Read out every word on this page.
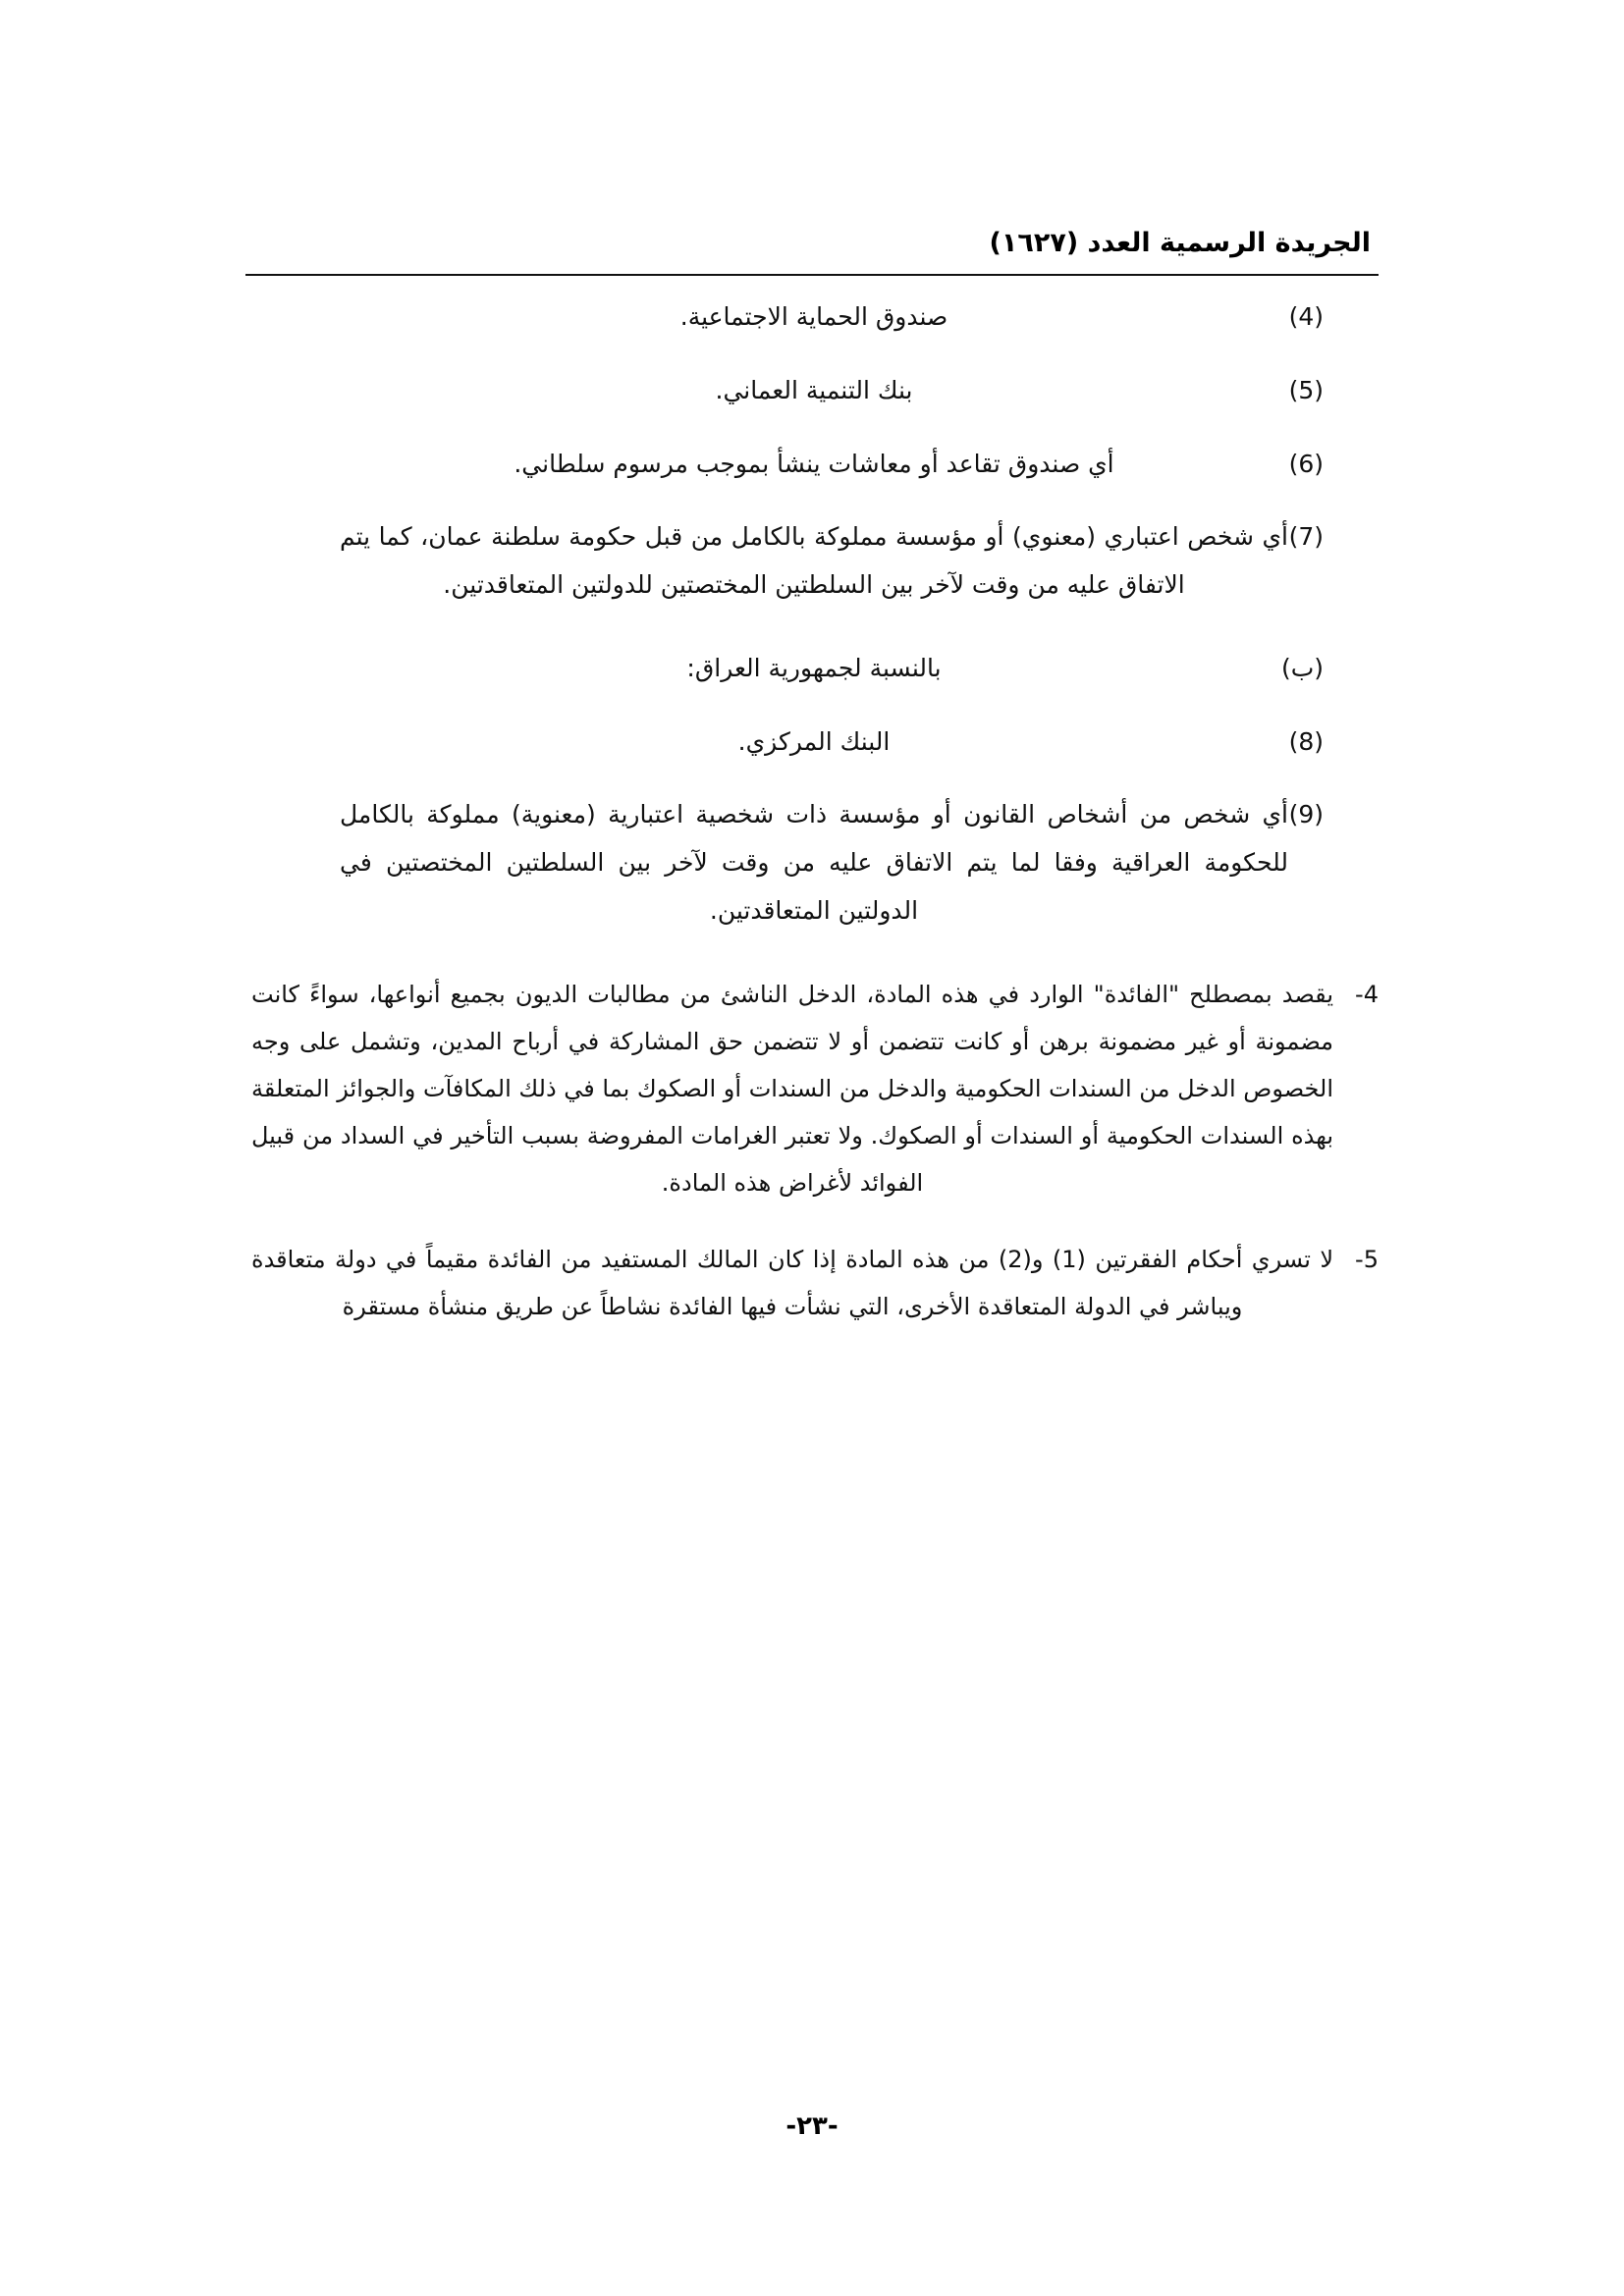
الجريدة الرسمية العدد (١٦٢٧)
(4)
صندوق الحماية الاجتماعية.
(5)
بنك التنمية العماني.
(6)
أي صندوق تقاعد أو معاشات ينشأ بموجب مرسوم سلطاني.
(7)
أي شخص اعتباري (معنوي) أو مؤسسة مملوكة بالكامل من قبل حكومة سلطنة عمان، كما يتم الاتفاق عليه من وقت لآخر بين السلطتين المختصتين للدولتين المتعاقدتين.
(ب)
بالنسبة لجمهورية العراق:
(8)
البنك المركزي.
(9)
أي شخص من أشخاص القانون أو مؤسسة ذات شخصية اعتبارية (معنوية) مملوكة بالكامل للحكومة العراقية وفقا لما يتم الاتفاق عليه من وقت لآخر بين السلطتين المختصتين في الدولتين المتعاقدتين.
4-
يقصد بمصطلح "الفائدة" الوارد في هذه المادة، الدخل الناشئ من مطالبات الديون بجميع أنواعها، سواءً كانت مضمونة أو غير مضمونة برهن أو كانت تتضمن أو لا تتضمن حق المشاركة في أرباح المدين، وتشمل على وجه الخصوص الدخل من السندات الحكومية والدخل من السندات أو الصكوك بما في ذلك المكافآت والجوائز المتعلقة بهذه السندات الحكومية أو السندات أو الصكوك. ولا تعتبر الغرامات المفروضة بسبب التأخير في السداد من قبيل الفوائد لأغراض هذه المادة.
5-
لا تسري أحكام الفقرتين (1) و(2) من هذه المادة إذا كان المالك المستفيد من الفائدة مقيماً في دولة متعاقدة ويباشر في الدولة المتعاقدة الأخرى، التي نشأت فيها الفائدة نشاطاً عن طريق منشأة مستقرة
-٢٣-
